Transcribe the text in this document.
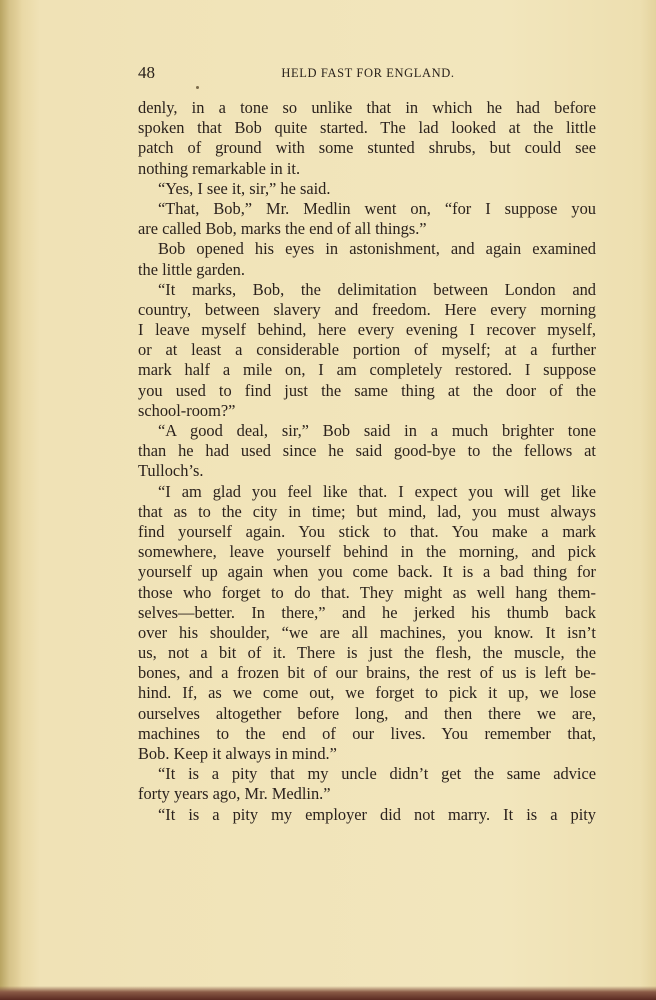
48	HELD FAST FOR ENGLAND.
denly, in a tone so unlike that in which he had before
spoken that Bob quite started. The lad looked at the little
patch of ground with some stunted shrubs, but could see
nothing remarkable in it.
“Yes, I see it, sir,” he said.
“That, Bob,” Mr. Medlin went on, “for I suppose you
are called Bob, marks the end of all things.”
Bob opened his eyes in astonishment, and again examined
the little garden.
“It marks, Bob, the delimitation between London and
country, between slavery and freedom. Here every morning
I leave myself behind, here every evening I recover myself,
or at least a considerable portion of myself; at a further
mark half a mile on, I am completely restored. I suppose
you used to find just the same thing at the door of the
school-room?”
“A good deal, sir,” Bob said in a much brighter tone
than he had used since he said good-bye to the fellows at
Tulloch’s.
“I am glad you feel like that. I expect you will get like
that as to the city in time; but mind, lad, you must always
find yourself again. You stick to that. You make a mark
somewhere, leave yourself behind in the morning, and pick
yourself up again when you come back. It is a bad thing for
those who forget to do that. They might as well hang them-
selves—better. In there,” and he jerked his thumb back
over his shoulder, “we are all machines, you know. It isn’t
us, not a bit of it. There is just the flesh, the muscle, the
bones, and a frozen bit of our brains, the rest of us is left be-
hind. If, as we come out, we forget to pick it up, we lose
ourselves altogether before long, and then there we are,
machines to the end of our lives. You remember that,
Bob. Keep it always in mind.”
“It is a pity that my uncle didn’t get the same advice
forty years ago, Mr. Medlin.”
“It is a pity my employer did not marry. It is a pity
